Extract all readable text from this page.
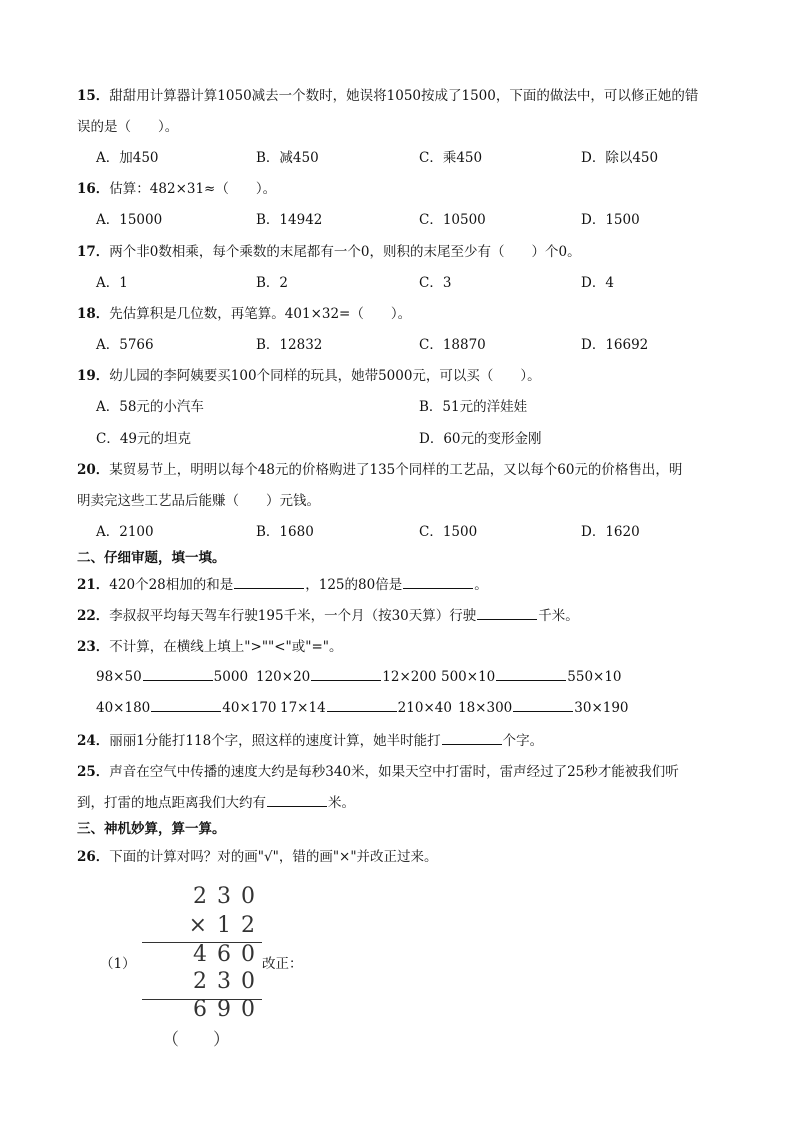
15．甜甜用计算器计算1050减去一个数时，她误将1050按成了1500，下面的做法中，可以修正她的错
误的是（　　）。
A．加450	B．减450	C．乘450	D．除以450
16．估算：482×31≈（　　）。
A．15000	B．14942	C．10500	D．1500
17．两个非0数相乘，每个乘数的末尾都有一个0，则积的末尾至少有（　　）个0。
A．1	B．2	C．3	D．4
18．先估算积是几位数，再笔算。401×32=（　　）。
A．5766	B．12832	C．18870	D．16692
19．幼儿园的李阿姨要买100个同样的玩具，她带5000元，可以买（　　）。
A．58元的小汽车	B．51元的洋娃娃
C．49元的坦克	D．60元的变形金刚
20．某贸易节上，明明以每个48元的价格购进了135个同样的工艺品，又以每个60元的价格售出，明
明卖完这些工艺品后能赚（　　）元钱。
A．2100	B．1680	C．1500	D．1620
二、仔细审题，填一填。
21．420个28相加的和是	，125的80倍是	。
22．李叔叔平均每天驾车行驶195千米，一个月（按30天算）行驶	千米。
23．不计算，在横线上填上">""<"或"="。
98×50	5000 120×20	12×200 500×10	550×10
40×180	40×170 17×14	210×40 18×300	30×190
24．丽丽1分能打118个字，照这样的速度计算，她半时能打	个字。
25．声音在空气中传播的速度大约是每秒340米，如果天空中打雷时，雷声经过了25秒才能被我们听
到，打雷的地点距离我们大约有	米。
三、神机妙算，算一算。
26．下面的计算对吗？对的画"√"，错的画"×"并改正过来。
（1）
230
×12
460
230
690
（　　）
改正：
